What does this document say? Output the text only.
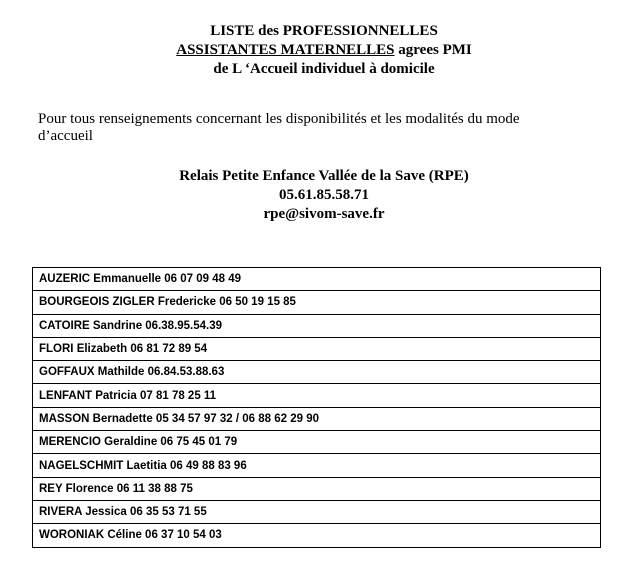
LISTE des PROFESSIONNELLES
ASSISTANTES MATERNELLES agrees PMI
de L ‘Accueil individuel à domicile
Pour tous renseignements concernant les disponibilités et les modalités du mode d’accueil
Relais Petite Enfance Vallée de la Save (RPE)
05.61.85.58.71
rpe@sivom-save.fr
AUZERIC Emmanuelle 06 07 09 48 49
BOURGEOIS ZIGLER Fredericke 06 50 19 15 85
CATOIRE Sandrine 06.38.95.54.39
FLORI Elizabeth 06 81 72 89 54
GOFFAUX Mathilde 06.84.53.88.63
LENFANT Patricia 07 81 78 25 11
MASSON Bernadette 05 34 57 97 32 / 06 88 62 29 90
MERENCIO Geraldine 06 75 45 01 79
NAGELSCHMIT Laetitia 06 49 88 83 96
REY Florence 06 11 38 88 75
RIVERA Jessica 06 35 53 71 55
WORONIAK Céline 06 37 10 54 03
